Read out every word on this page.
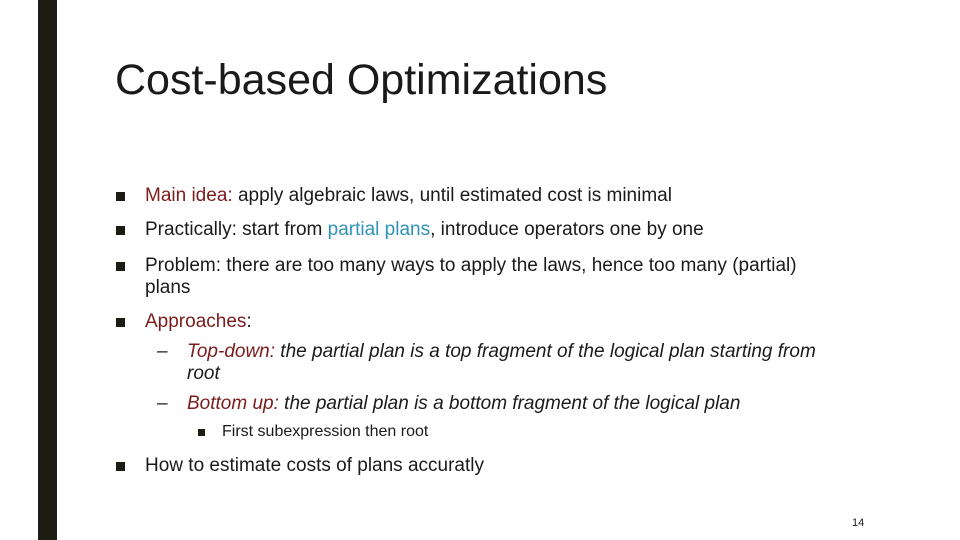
Cost-based Optimizations
Main idea: apply algebraic laws, until estimated cost is minimal
Practically: start from partial plans, introduce operators one by one
Problem: there are too many ways to apply the laws, hence too many (partial)
plans
Approaches:
– Top-down: the partial plan is a top fragment of the logical plan starting from
root
– Bottom up: the partial plan is a bottom fragment of the logical plan
First subexpression then root
How to estimate costs of plans accuratly
14
